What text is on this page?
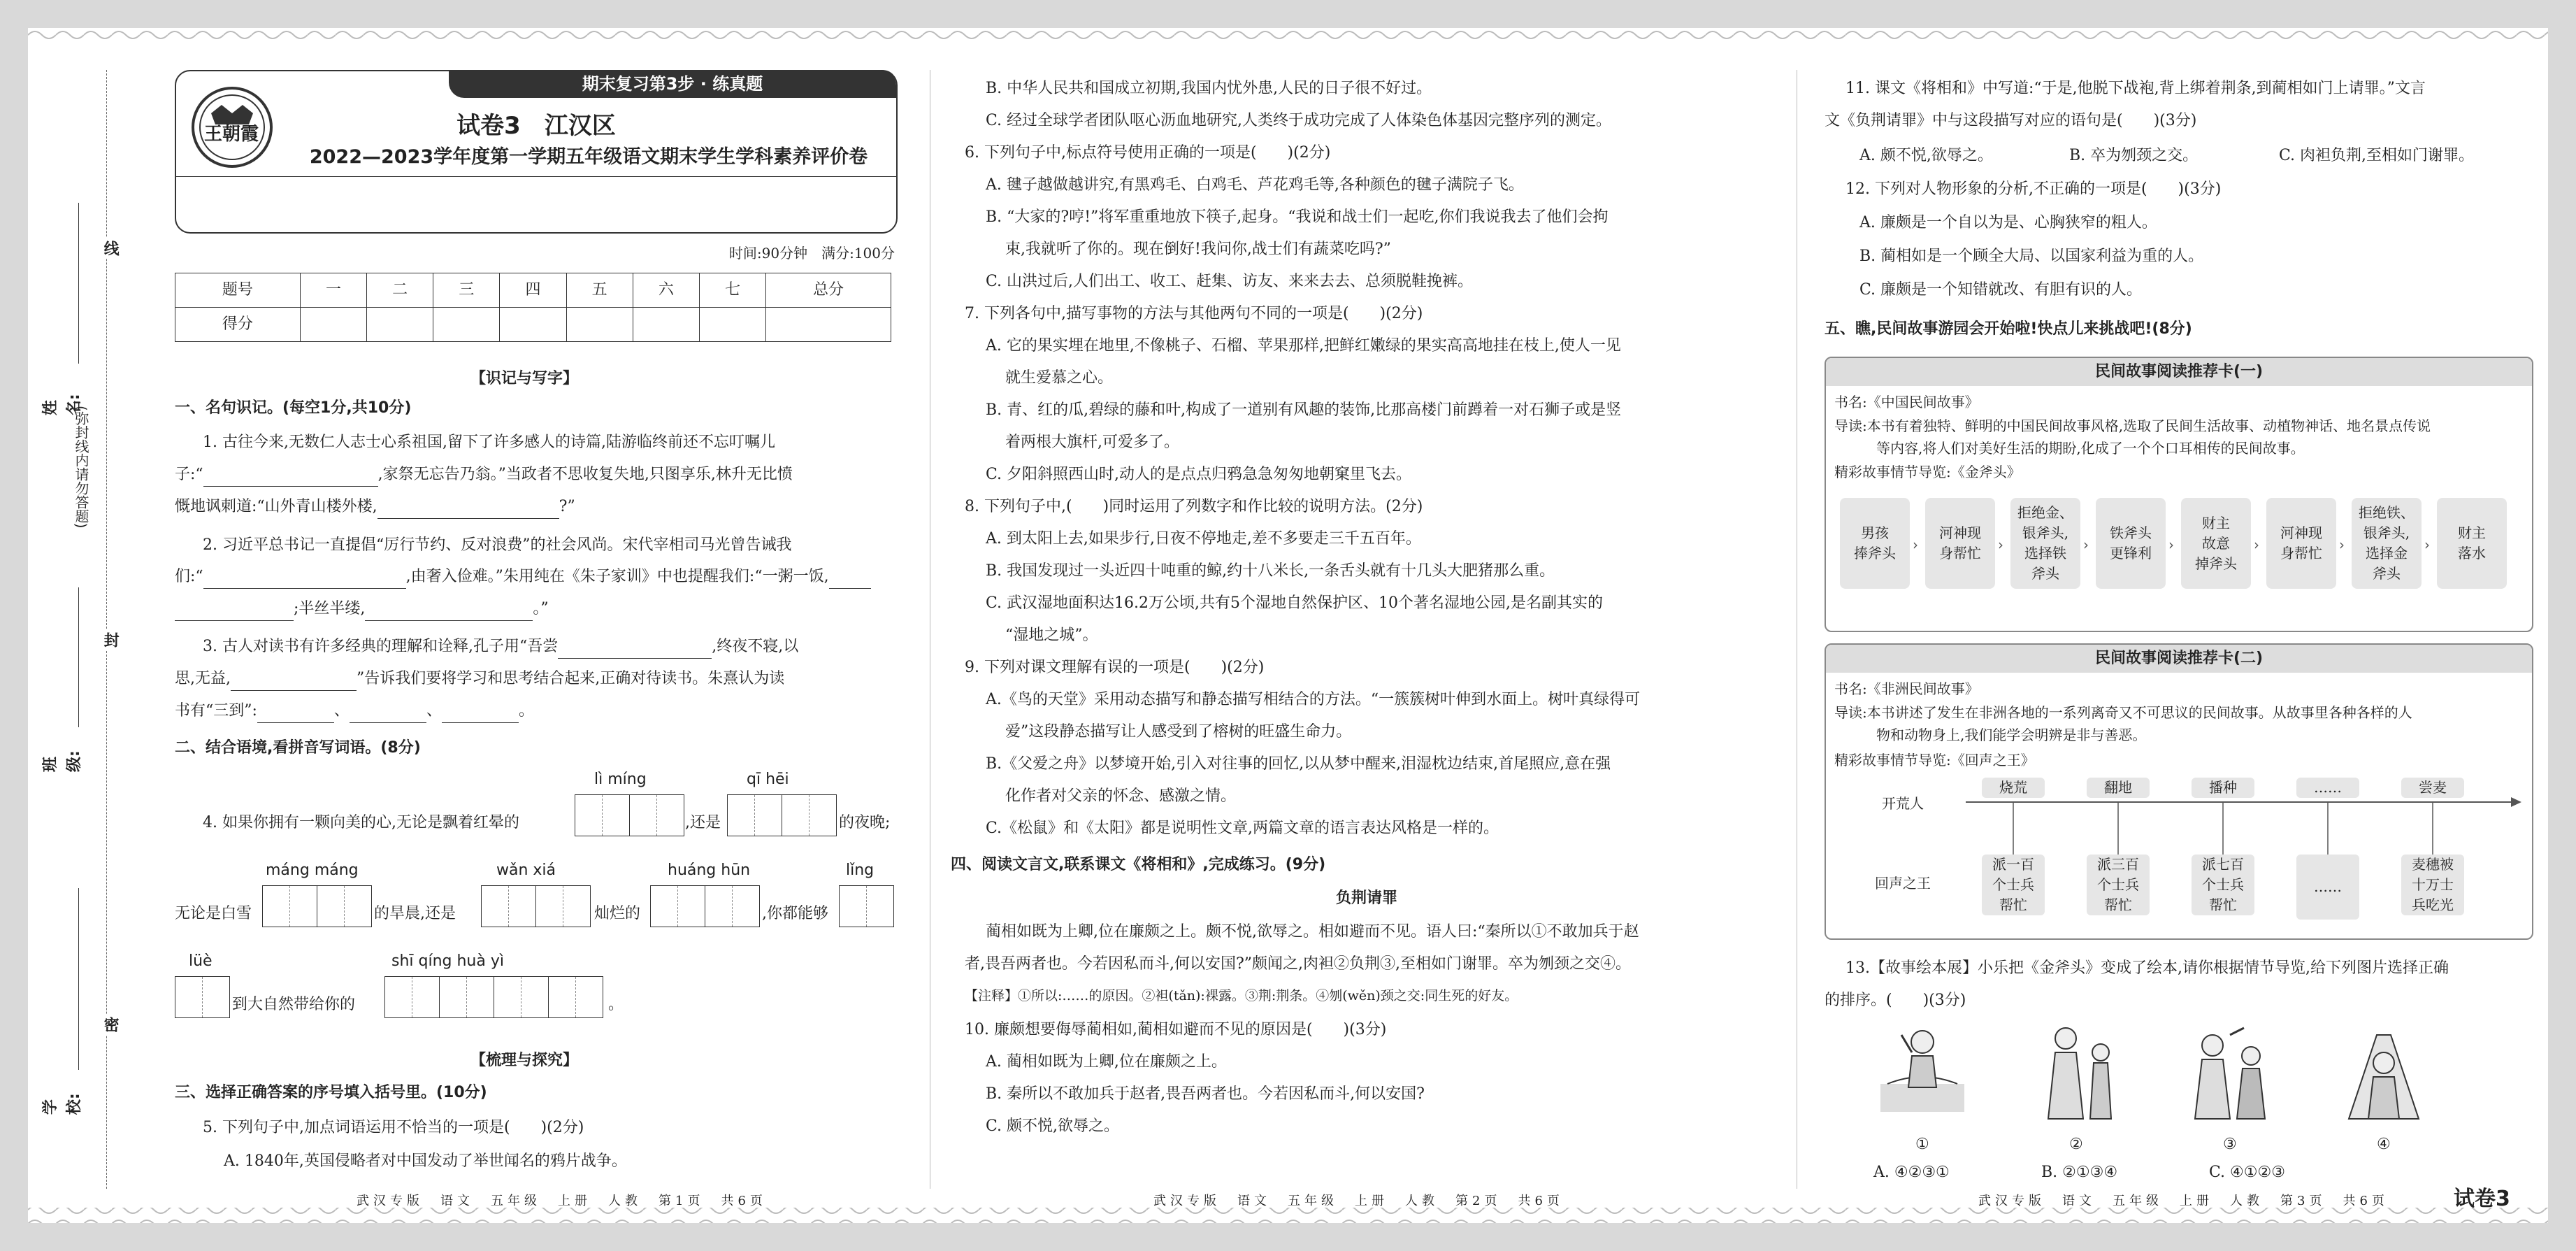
线
封
密
(弥封线内请勿答题)
姓名:
班级:
学校:
期末复习第3步 · 练真题
王朝霞	试卷3　江汉区
2022—2023学年度第一学期五年级语文期末学生学科素养评价卷
时间:90分钟　满分:100分
题号	一	二	三	四	五	六	七	总分
得分								
【识记与写字】
一、名句识记。(每空1分,共10分)
1. 古往今来,无数仁人志士心系祖国,留下了许多感人的诗篇,陆游临终前还不忘叮嘱儿
子:“	,家祭无忘告乃翁。”当政者不思收复失地,只图享乐,林升无比愤
慨地讽刺道:“山外青山楼外楼,	?”
2. 习近平总书记一直提倡“厉行节约、反对浪费”的社会风尚。宋代宰相司马光曾告诫我
们:“	,由奢入俭难。”朱用纯在《朱子家训》中也提醒我们:“一粥一饭,
;半丝半缕,	。”
3. 古人对读书有许多经典的理解和诠释,孔子用“吾尝	,终夜不寝,以
思,无益,	”告诉我们要将学习和思考结合起来,正确对待读书。朱熹认为读
书有“三到”:	、	、	。
二、结合语境,看拼音写词语。(8分)
lì míng	qī hēi
4. 如果你拥有一颗向美的心,无论是飘着红晕的	,还是	的夜晚;
máng máng	wǎn xiá	huáng hūn	lǐng
无论是白雪	的旱晨,还是	灿烂的	,你都能够
lüè	shī qíng huà yì
到大自然带给你的	。
【梳理与探究】
三、选择正确答案的序号填入括号里。(10分)
5. 下列句子中,加点词语运用不恰当的一项是(　　)(2分)
A. 1840年,英国侵略者对中国发动了举世闻名的鸦片战争。
武汉专版　语文　五年级　上册　人教　第1页　共6页
B. 中华人民共和国成立初期,我国内忧外患,人民的日子很不好过。
C. 经过全球学者团队呕心沥血地研究,人类终于成功完成了人体染色体基因完整序列的测定。
6. 下列句子中,标点符号使用正确的一项是(　　)(2分)
A. 毽子越做越讲究,有黑鸡毛、白鸡毛、芦花鸡毛等,各种颜色的毽子满院子飞。
B. “大家的?哼!”将军重重地放下筷子,起身。“我说和战士们一起吃,你们我说我去了他们会拘
束,我就听了你的。现在倒好!我问你,战士们有蔬菜吃吗?”
C. 山洪过后,人们出工、收工、赶集、访友、来来去去、总须脱鞋挽裤。
7. 下列各句中,描写事物的方法与其他两句不同的一项是(　　)(2分)
A. 它的果实埋在地里,不像桃子、石榴、苹果那样,把鲜红嫩绿的果实高高地挂在枝上,使人一见
就生爱慕之心。
B. 青、红的瓜,碧绿的藤和叶,构成了一道别有风趣的装饰,比那高楼门前蹲着一对石狮子或是竖
着两根大旗杆,可爱多了。
C. 夕阳斜照西山时,动人的是点点归鸦急急匆匆地朝窠里飞去。
8. 下列句子中,(　　)同时运用了列数字和作比较的说明方法。(2分)
A. 到太阳上去,如果步行,日夜不停地走,差不多要走三千五百年。
B. 我国发现过一头近四十吨重的鲸,约十八米长,一条舌头就有十几头大肥猪那么重。
C. 武汉湿地面积达16.2万公顷,共有5个湿地自然保护区、10个著名湿地公园,是名副其实的
“湿地之城”。
9. 下列对课文理解有误的一项是(　　)(2分)
A.《鸟的天堂》采用动态描写和静态描写相结合的方法。“一簇簇树叶伸到水面上。树叶真绿得可
爱”这段静态描写让人感受到了榕树的旺盛生命力。
B.《父爱之舟》以梦境开始,引入对往事的回忆,以从梦中醒来,泪湿枕边结束,首尾照应,意在强
化作者对父亲的怀念、感激之情。
C.《松鼠》和《太阳》都是说明性文章,两篇文章的语言表达风格是一样的。
四、阅读文言文,联系课文《将相和》,完成练习。(9分)
负荆请罪
蔺相如既为上卿,位在廉颇之上。颇不悦,欲辱之。相如避而不见。语人曰:“秦所以①不敢加兵于赵
者,畏吾两者也。今若因私而斗,何以安国?”颇闻之,肉袒②负荆③,至相如门谢罪。卒为刎颈之交④。
【注释】①所以:……的原因。②袒(tǎn):裸露。③荆:荆条。④刎(wěn)颈之交:同生死的好友。
10. 廉颇想要侮辱蔺相如,蔺相如避而不见的原因是(　　)(3分)
A. 蔺相如既为上卿,位在廉颇之上。
B. 秦所以不敢加兵于赵者,畏吾两者也。今若因私而斗,何以安国?
C. 颇不悦,欲辱之。
武汉专版　语文　五年级　上册　人教　第2页　共6页
11. 课文《将相和》中写道:“于是,他脱下战袍,背上绑着荆条,到蔺相如门上请罪。”文言
文《负荆请罪》中与这段描写对应的语句是(　　)(3分)
A. 颇不悦,欲辱之。	B. 卒为刎颈之交。	C. 肉袒负荆,至相如门谢罪。
12. 下列对人物形象的分析,不正确的一项是(　　)(3分)
A. 廉颇是一个自以为是、心胸狭窄的粗人。
B. 蔺相如是一个顾全大局、以国家利益为重的人。
C. 廉颇是一个知错就改、有胆有识的人。
五、瞧,民间故事游园会开始啦!快点儿来挑战吧!(8分)
民间故事阅读推荐卡(一)
书名:《中国民间故事》
导读:本书有着独特、鲜明的中国民间故事风格,选取了民间生活故事、动植物神话、地名景点传说
等内容,将人们对美好生活的期盼,化成了一个个口耳相传的民间故事。
精彩故事情节导览:《金斧头》
男孩
捧斧头 ›
河神现
身帮忙 ›
拒绝金、
银斧头,
选择铁
斧头
›
铁斧头
更锋利 ›
财主
故意
掉斧头
›
河神现
身帮忙 ›
拒绝铁、
银斧头,
选择金
斧头
›
财主
落水
民间故事阅读推荐卡(二)
书名:《非洲民间故事》
导读:本书讲述了发生在非洲各地的一系列离奇又不可思议的民间故事。从故事里各种各样的人
物和动物身上,我们能学会明辨是非与善恶。
精彩故事情节导览:《回声之王》
开荒人
回声之王
烧荒	翻地	播种	……	尝麦
派一百
个士兵
帮忙
派三百
个士兵
帮忙
派七百
个士兵
帮忙
……
麦穗被
十万士
兵吃光
13.【故事绘本展】小乐把《金斧头》变成了绘本,请你根据情节导览,给下列图片选择正确
的排序。(　　)(3分)
①	②	③	④
A. ④②③①	B. ②①③④	C. ④①②③
武汉专版　语文　五年级　上册　人教　第3页　共6页	试卷3
